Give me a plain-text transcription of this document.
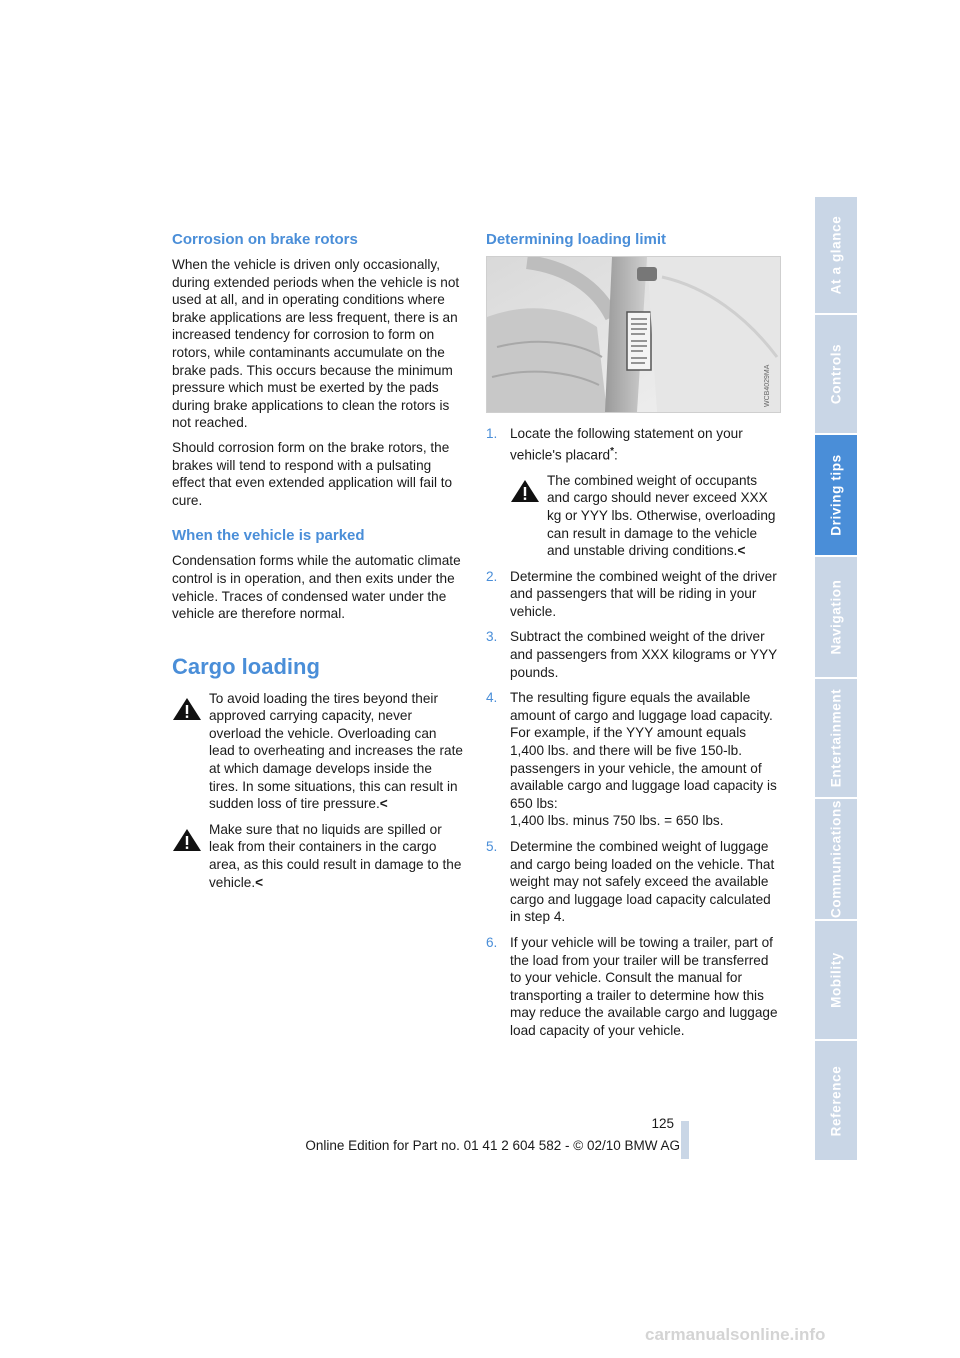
Corrosion on brake rotors

When the vehicle is driven only occasionally, during extended periods when the vehicle is not used at all, and in operating conditions where brake applications are less frequent, there is an increased tendency for corrosion to form on rotors, while contaminants accumulate on the brake pads. This occurs because the minimum pressure which must be exerted by the pads during brake applications to clean the rotors is not reached.

Should corrosion form on the brake rotors, the brakes will tend to respond with a pulsating effect that even extended application will fail to cure.

When the vehicle is parked

Condensation forms while the automatic climate control is in operation, and then exits under the vehicle. Traces of condensed water under the vehicle are therefore normal.

Cargo loading
To avoid loading the tires beyond their approved carrying capacity, never overload the vehicle. Overloading can lead to overheating and increases the rate at which damage develops inside the tires. In some situations, this can result in sudden loss of tire pressure.<
Make sure that no liquids are spilled or leak from their containers in the cargo area, as this could result in damage to the vehicle.<
Determining loading limit
WCB4029MA
1. Locate the following statement on your vehicle's placard*:
The combined weight of occupants and cargo should never exceed XXX kg or YYY lbs. Otherwise, overloading can result in damage to the vehicle and unstable driving conditions.<
2. Determine the combined weight of the driver and passengers that will be riding in your vehicle.
3. Subtract the combined weight of the driver and passengers from XXX kilograms or YYY pounds.
4. The resulting figure equals the available amount of cargo and luggage load capacity. For example, if the YYY amount equals 1,400 lbs. and there will be five 150-lb. passengers in your vehicle, the amount of available cargo and luggage load capacity is 650 lbs:
1,400 lbs. minus 750 lbs. = 650 lbs.
5. Determine the combined weight of luggage and cargo being loaded on the vehicle. That weight may not safely exceed the available cargo and luggage load capacity calculated in step 4.
6. If your vehicle will be towing a trailer, part of the load from your trailer will be transferred to your vehicle. Consult the manual for transporting a trailer to determine how this may reduce the available cargo and luggage load capacity of your vehicle.
At a glance
Controls
Driving tips
Navigation
Entertainment
Communications
Mobility
Reference
125
Online Edition for Part no. 01 41 2 604 582 - © 02/10 BMW AG
carmanualsonline.info
